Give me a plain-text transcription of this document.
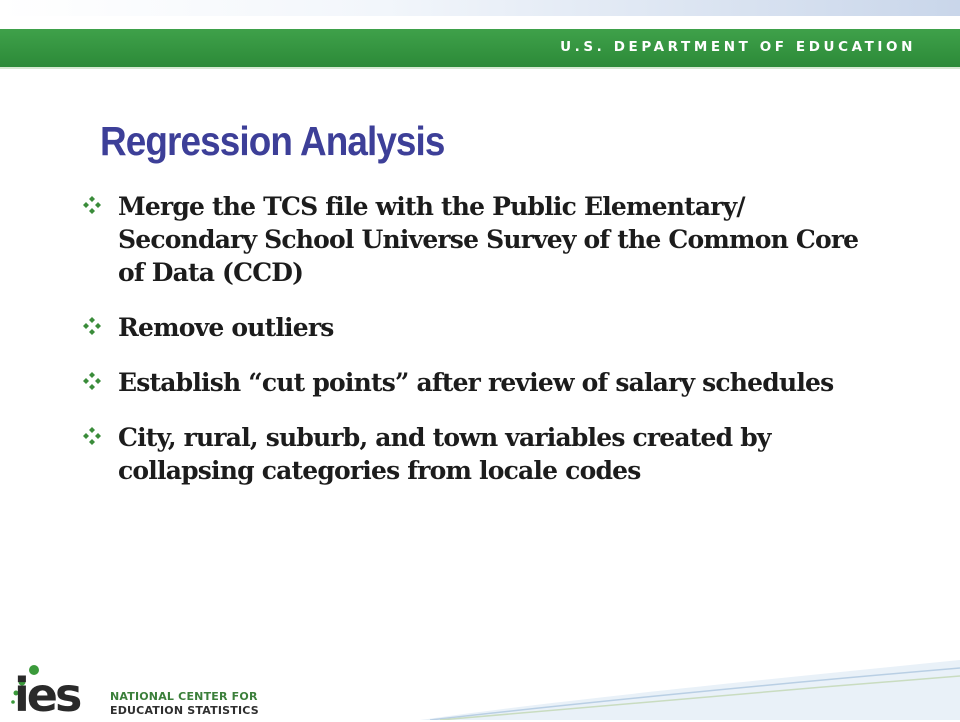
U.S. DEPARTMENT OF EDUCATION
Regression Analysis
Merge the TCS file with the Public Elementary/ Secondary School Universe Survey of the Common Core of Data (CCD)
Remove outliers
Establish “cut points” after review of salary schedules
City, rural, suburb, and town variables created by collapsing categories from locale codes
ies	NATIONAL CENTER FOR
EDUCATION STATISTICS
